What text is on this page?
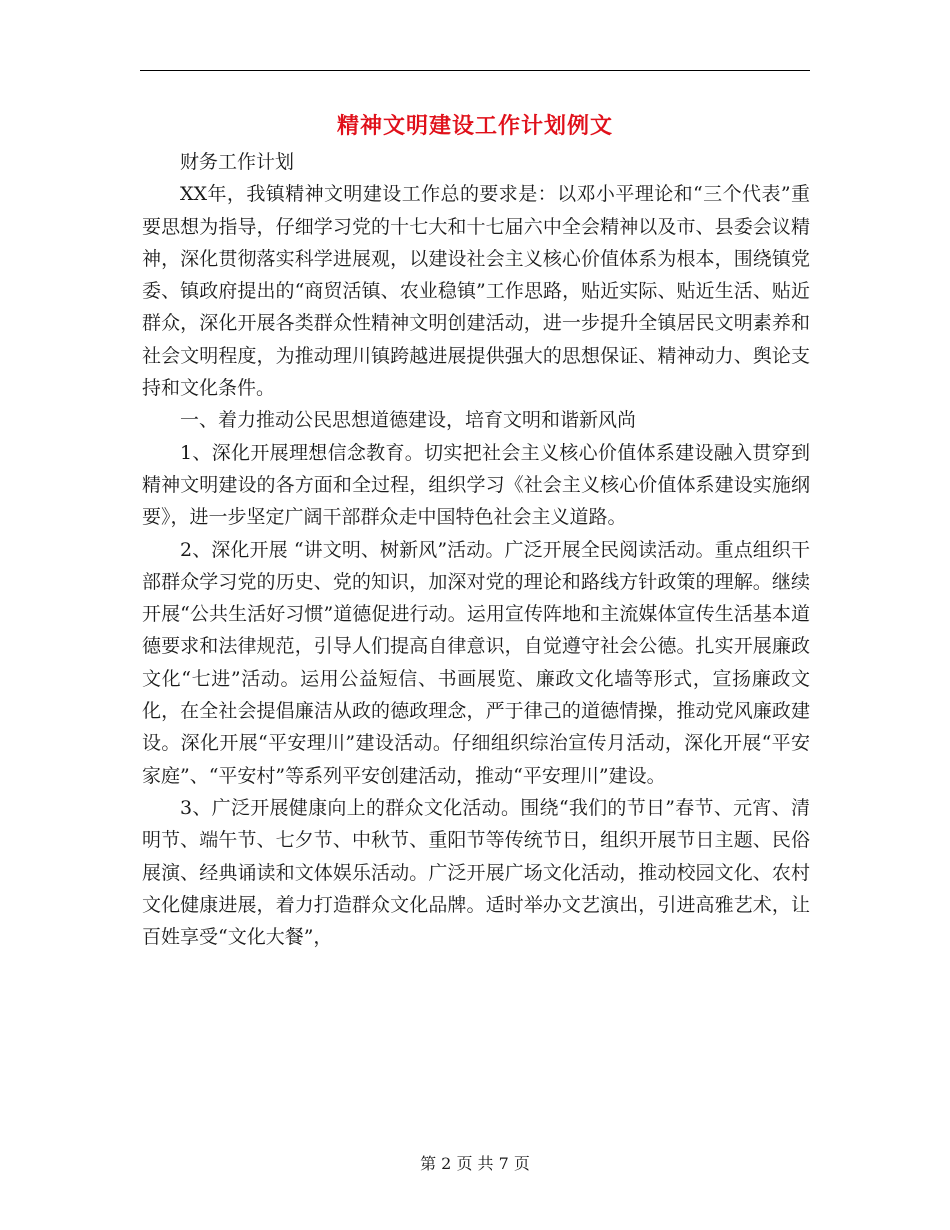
精神文明建设工作计划例文

财务工作计划

XX年，我镇精神文明建设工作总的要求是：以邓小平理论和“三个代表”重要思想为指导，仔细学习党的十七大和十七届六中全会精神以及市、县委会议精神，深化贯彻落实科学进展观，以建设社会主义核心价值体系为根本，围绕镇党委、镇政府提出的“商贸活镇、农业稳镇”工作思路，贴近实际、贴近生活、贴近群众，深化开展各类群众性精神文明创建活动，进一步提升全镇居民文明素养和社会文明程度，为推动理川镇跨越进展提供强大的思想保证、精神动力、舆论支持和文化条件。

一、着力推动公民思想道德建设，培育文明和谐新风尚

1、深化开展理想信念教育。切实把社会主义核心价值体系建设融入贯穿到精神文明建设的各方面和全过程，组织学习《社会主义核心价值体系建设实施纲要》，进一步坚定广阔干部群众走中国特色社会主义道路。

2、深化开展 “讲文明、树新风”活动。广泛开展全民阅读活动。重点组织干部群众学习党的历史、党的知识，加深对党的理论和路线方针政策的理解。继续开展“公共生活好习惯”道德促进行动。运用宣传阵地和主流媒体宣传生活基本道德要求和法律规范，引导人们提高自律意识，自觉遵守社会公德。扎实开展廉政文化“七进”活动。运用公益短信、书画展览、廉政文化墙等形式，宣扬廉政文化，在全社会提倡廉洁从政的德政理念，严于律己的道德情操，推动党风廉政建设。深化开展“平安理川”建设活动。仔细组织综治宣传月活动，深化开展“平安家庭”、“平安村”等系列平安创建活动，推动“平安理川”建设。

3、广泛开展健康向上的群众文化活动。围绕“我们的节日”春节、元宵、清明节、端午节、七夕节、中秋节、重阳节等传统节日，组织开展节日主题、民俗展演、经典诵读和文体娱乐活动。广泛开展广场文化活动，推动校园文化、农村文化健康进展，着力打造群众文化品牌。适时举办文艺演出，引进高雅艺术，让百姓享受“文化大餐”，

第 2 页 共 7 页
